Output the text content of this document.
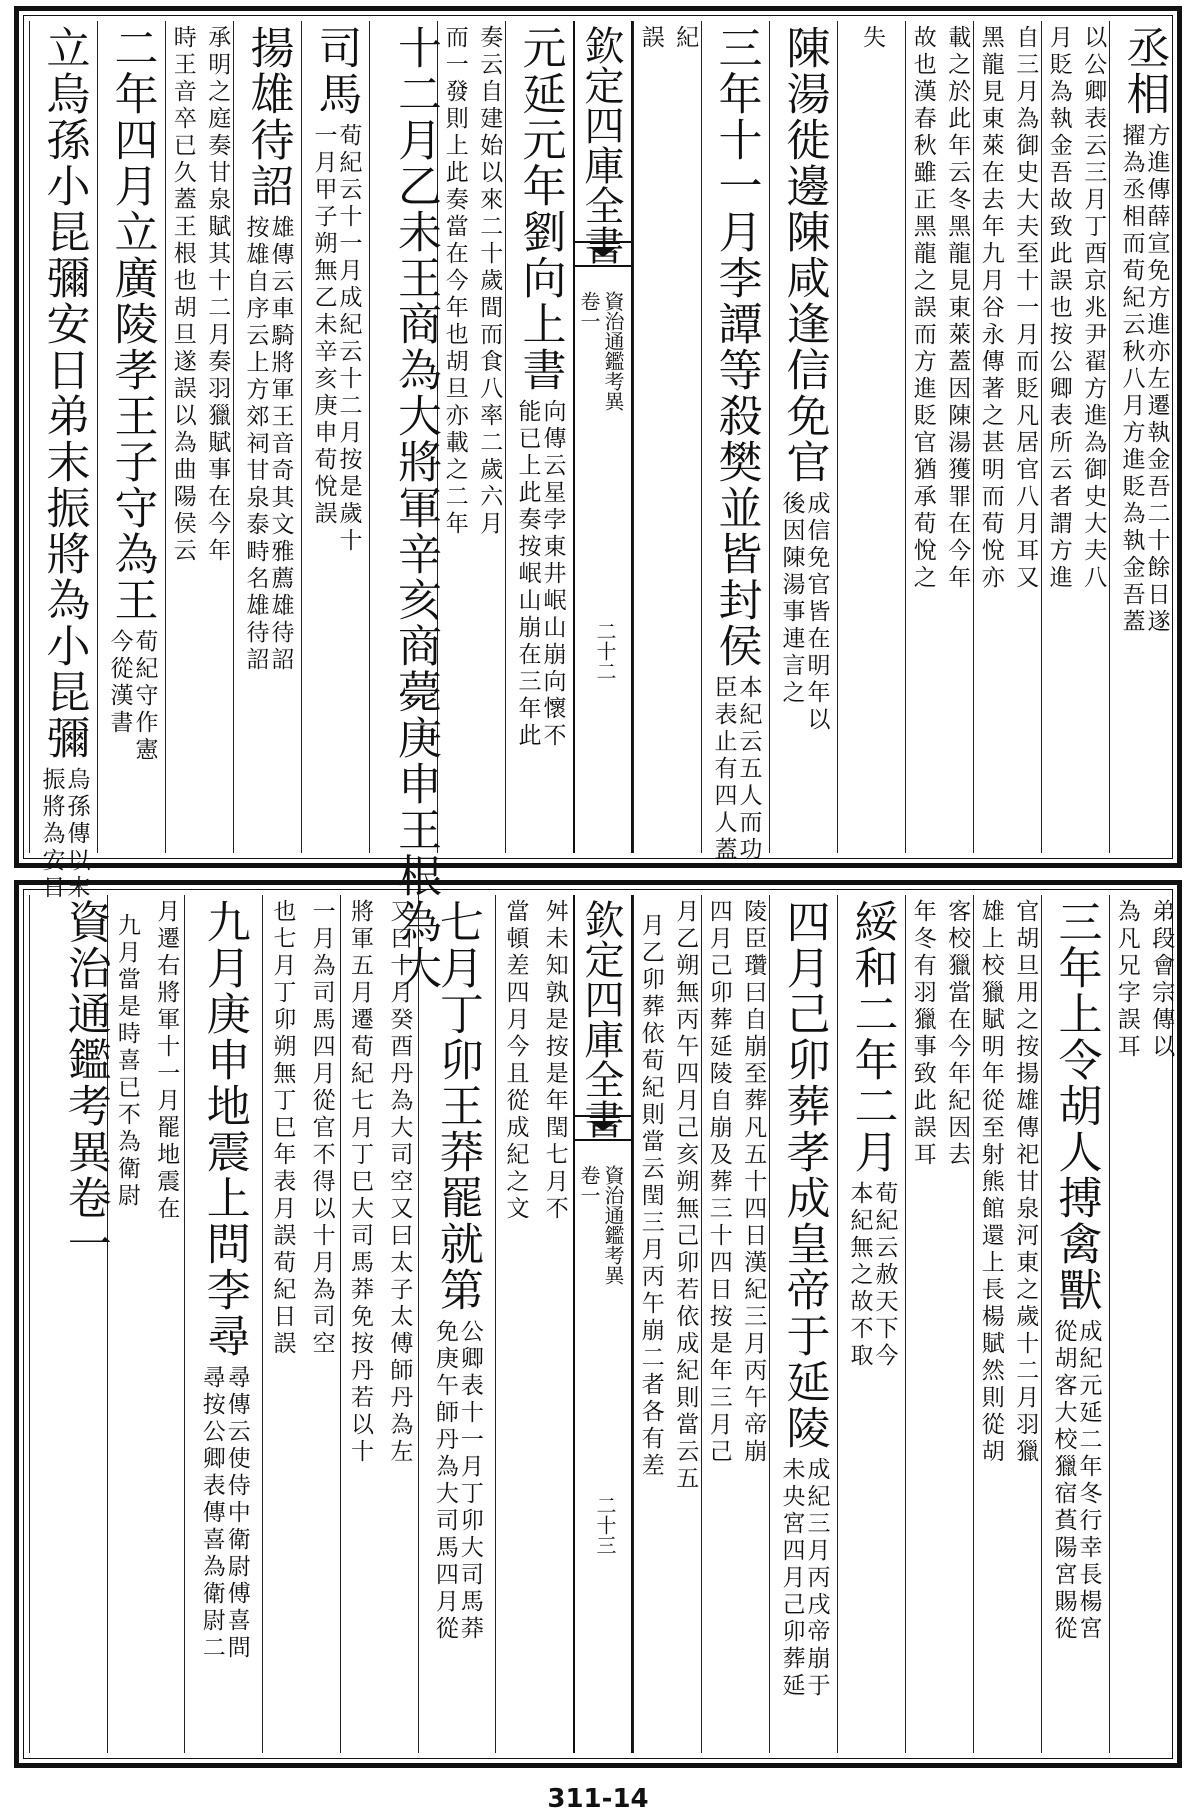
丞相
方進傳薛宣免方進亦左遷執金吾二十餘日遂
擢為丞相而荀紀云秋八月方進貶為執金吾蓋
以公卿表云三月丁酉京兆尹翟方進為御史大夫八
月貶為執金吾故致此誤也按公卿表所云者謂方進
自三月為御史大夫至十一月而貶凡居官八月耳又
黑龍見東萊在去年九月谷永傳著之甚明而荀悅亦
載之於此年云冬黑龍見東萊蓋因陳湯獲罪在今年
故也漢春秋雖正黑龍之誤而方進貶官猶承荀悅之
失
陳湯徙邊陳咸逢信免官
成信免官皆在明年以
後因陳湯事連言之
三年十一月李譚等殺樊並皆封侯
本紀云五人而功
臣表止有四人蓋
紀
誤
欽定四庫全書
卷一 資治通鑑考異
二十二
元延元年劉向上書
向傳云星孛東井岷山崩向懷不
能已上此奏按岷山崩在三年此
奏云自建始以來二十歲間而食八率二歲六月
而一發則上此奏當在今年也胡旦亦載之二年
十二月乙未王商為大將軍辛亥商薨庚申王根為大
司馬
荀紀云十一月成紀云十二月按是歲十
一月甲子朔無乙未辛亥庚申荀悅誤
揚雄待詔
雄傳云車騎將軍王音奇其文雅薦雄待詔
按雄自序云上方郊祠甘泉泰畤名雄待詔
承明之庭奏甘泉賦其十二月奏羽獵賦事在今年
時王音卒已久蓋王根也胡旦遂誤以為曲陽侯云
二年四月立廣陵孝王子守為王
荀紀守作憲
今從漢書
立烏孫小昆彌安日弟末振將為小昆彌
烏孫傳以末
振將為安日
弟段會宗傳以
為凡兄字誤耳
三年上令胡人搏禽獸
成紀元延二年冬行幸長楊宮
從胡客大校獵宿萯陽宮賜從
官胡旦用之按揚雄傳祀甘泉河東之歲十二月羽獵
雄上校獵賦明年從至射熊館還上長楊賦然則從胡
客校獵當在今年紀因去
年冬有羽獵事致此誤耳
綏和二年二月
荀紀云赦天下今
本紀無之故不取
四月己卯葬孝成皇帝于延陵
成紀三月丙戌帝崩于
未央宮四月己卯葬延
陵臣瓚曰自崩至葬凡五十四日漢紀三月丙午帝崩
四月己卯葬延陵自崩及葬三十四日按是年三月己
月乙朔無丙午四月己亥朔無己卯若依成紀則當云五
月乙卯葬依荀紀則當云閏三月丙午崩二者各有差
欽定四庫全書
卷一 資治通鑑考異
二十三
舛未知孰是按是年閏七月不
當頓差四月今且從成紀之文
七月丁卯王莽罷就第
公卿表十一月丁卯大司馬莽
免庚午師丹為大司馬四月從
又曰十月癸酉丹為大司空又曰太子太傅師丹為左
將軍五月遷荀紀七月丁巳大司馬莽免按丹若以十
一月為司馬四月從官不得以十月為司空
也七月丁卯朔無丁巳年表月誤荀紀日誤
九月庚申地震上問李尋
尋傳云使侍中衛尉傅喜問
尋按公卿表傳喜為衛尉二
月遷右將軍十一月罷地震在
九月當是時喜已不為衛尉
資治通鑑考異卷一
311-14
